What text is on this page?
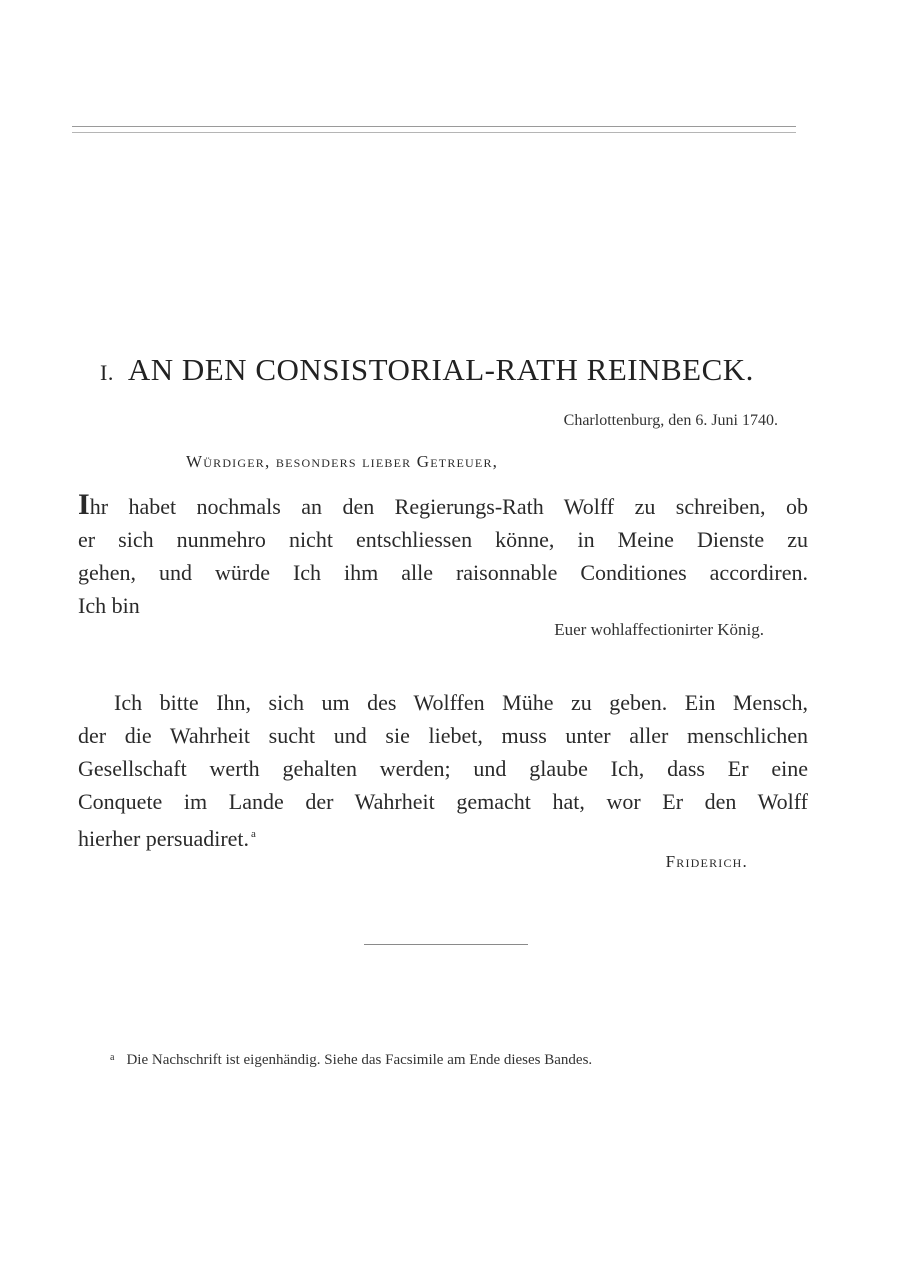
I. AN DEN CONSISTORIAL-RATH REINBECK.
Charlottenburg, den 6. Juni 1740.
Würdiger, besonders lieber Getreuer,
Ihr habet nochmals an den Regierungs-Rath Wolff zu schreiben, ob
er sich nunmehro nicht entschliessen könne, in Meine Dienste zu
gehen, und würde Ich ihm alle raisonnable Conditiones accordiren.
Ich bin
Euer wohlaffectionirter König.
Ich bitte Ihn, sich um des Wolffen Mühe zu geben. Ein Mensch,
der die Wahrheit sucht und sie liebet, muss unter aller menschlichen
Gesellschaft werth gehalten werden; und glaube Ich, dass Er eine
Conquete im Lande der Wahrheit gemacht hat, wor Er den Wolff
hierher persuadiret. $^a$
Friderich.
$^a$ Die Nachschrift ist eigenhändig. Siehe das Facsimile am Ende dieses Bandes.
